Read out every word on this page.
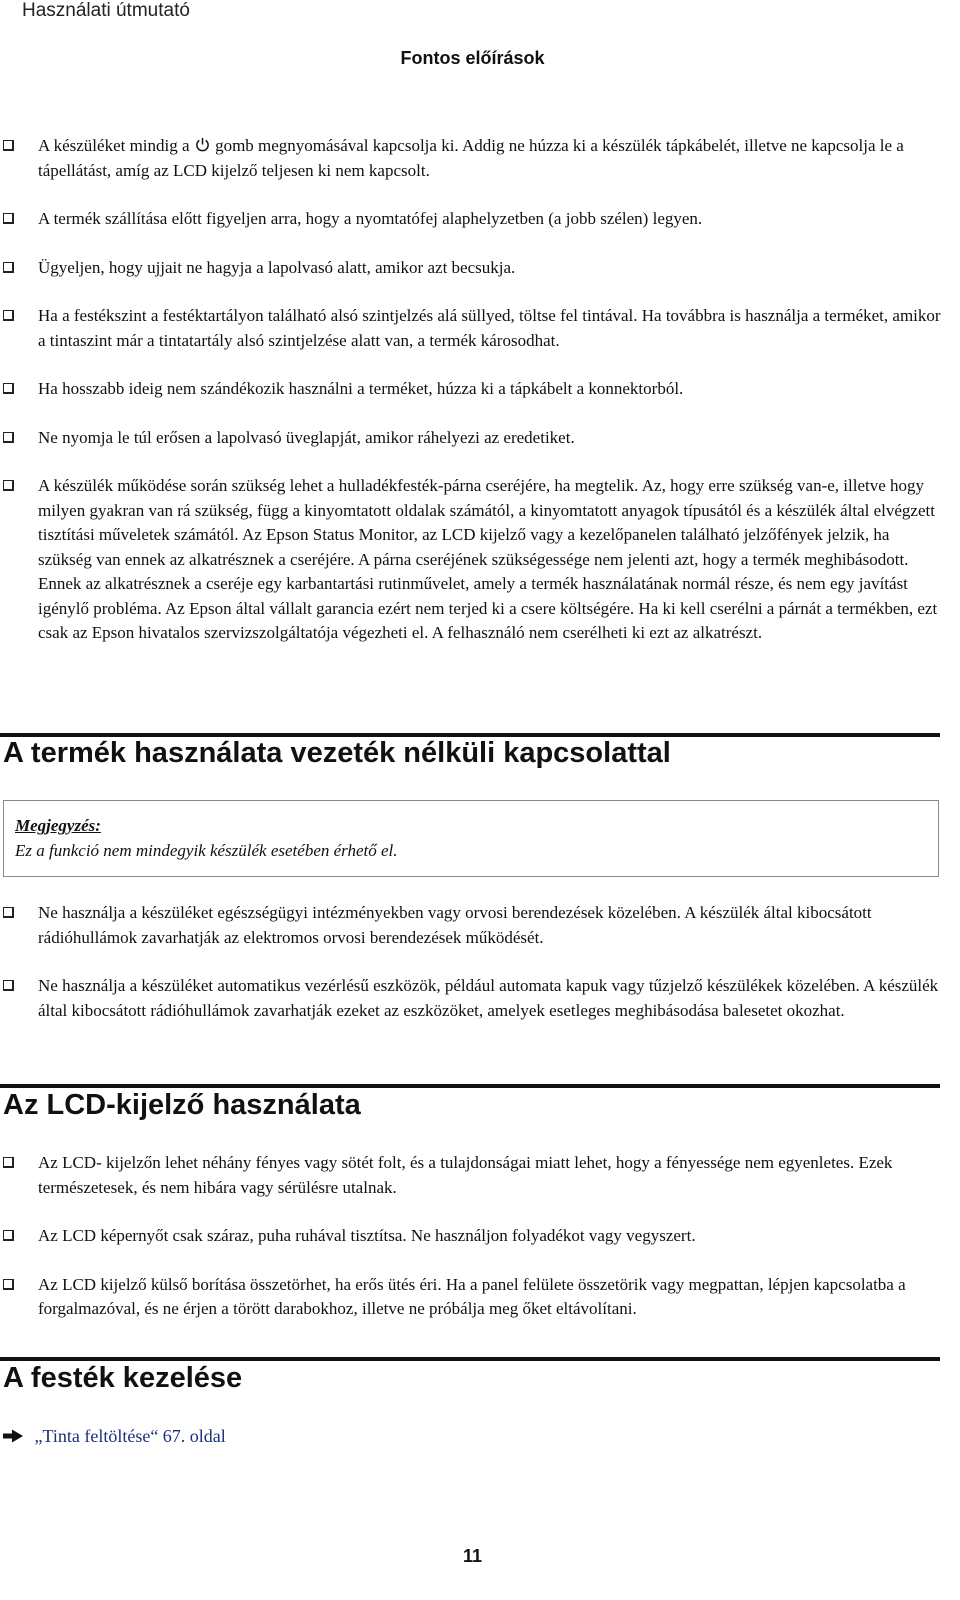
Használati útmutató
Fontos előírások
A készüléket mindig a gomb megnyomásával kapcsolja ki. Addig ne húzza ki a készülék tápkábelét, illetve ne kapcsolja le a tápellátást, amíg az LCD kijelző teljesen ki nem kapcsolt.
A termék szállítása előtt figyeljen arra, hogy a nyomtatófej alaphelyzetben (a jobb szélen) legyen.
Ügyeljen, hogy ujjait ne hagyja a lapolvasó alatt, amikor azt becsukja.
Ha a festékszint a festéktartályon található alsó szintjelzés alá süllyed, töltse fel tintával. Ha továbbra is használja a terméket, amikor a tintaszint már a tintatartály alsó szintjelzése alatt van, a termék károsodhat.
Ha hosszabb ideig nem szándékozik használni a terméket, húzza ki a tápkábelt a konnektorból.
Ne nyomja le túl erősen a lapolvasó üveglapját, amikor ráhelyezi az eredetiket.
A készülék működése során szükség lehet a hulladékfesték-párna cseréjére, ha megtelik. Az, hogy erre szükség van-e, illetve hogy milyen gyakran van rá szükség, függ a kinyomtatott oldalak számától, a kinyomtatott anyagok típusától és a készülék által elvégzett tisztítási műveletek számától. Az Epson Status Monitor, az LCD kijelző vagy a kezelőpanelen található jelzőfények jelzik, ha szükség van ennek az alkatrésznek a cseréjére. A párna cseréjének szükségessége nem jelenti azt, hogy a termék meghibásodott. Ennek az alkatrésznek a cseréje egy karbantartási rutinművelet, amely a termék használatának normál része, és nem egy javítást igénylő probléma. Az Epson által vállalt garancia ezért nem terjed ki a csere költségére. Ha ki kell cserélni a párnát a termékben, ezt csak az Epson hivatalos szervizszolgáltatója végezheti el. A felhasználó nem cserélheti ki ezt az alkatrészt.
A termék használata vezeték nélküli kapcsolattal
Megjegyzés:
Ez a funkció nem mindegyik készülék esetében érhető el.
Ne használja a készüléket egészségügyi intézményekben vagy orvosi berendezések közelében. A készülék által kibocsátott rádióhullámok zavarhatják az elektromos orvosi berendezések működését.
Ne használja a készüléket automatikus vezérlésű eszközök, például automata kapuk vagy tűzjelző készülékek közelében. A készülék által kibocsátott rádióhullámok zavarhatják ezeket az eszközöket, amelyek esetleges meghibásodása balesetet okozhat.
Az LCD-kijelző használata
Az LCD- kijelzőn lehet néhány fényes vagy sötét folt, és a tulajdonságai miatt lehet, hogy a fényessége nem egyenletes. Ezek természetesek, és nem hibára vagy sérülésre utalnak.
Az LCD képernyőt csak száraz, puha ruhával tisztítsa. Ne használjon folyadékot vagy vegyszert.
Az LCD kijelző külső borítása összetörhet, ha erős ütés éri. Ha a panel felülete összetörik vagy megpattan, lépjen kapcsolatba a forgalmazóval, és ne érjen a törött darabokhoz, illetve ne próbálja meg őket eltávolítani.
A festék kezelése
„Tinta feltöltése“ 67. oldal
11
